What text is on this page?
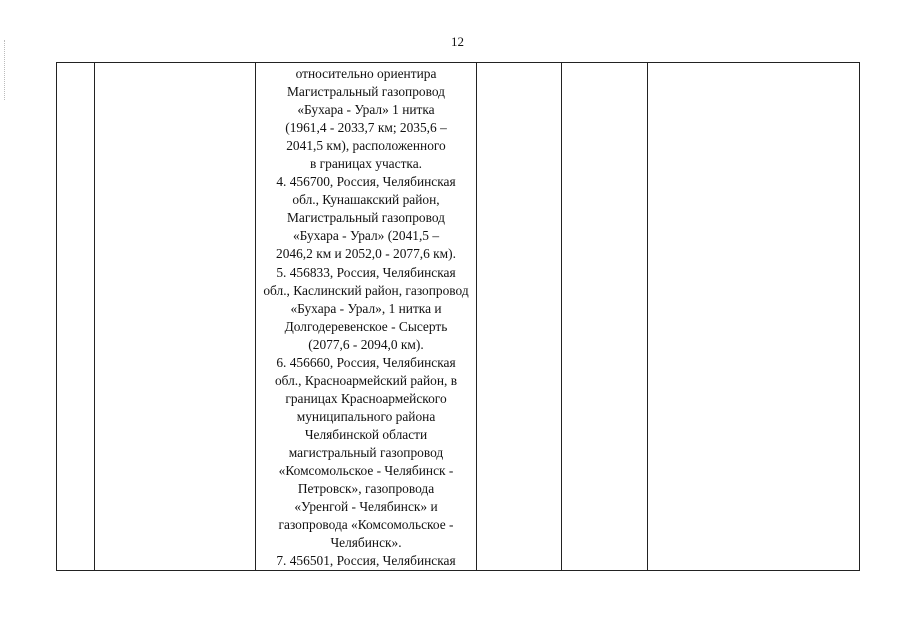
12

относительно ориентира
Магистральный газопровод
«Бухара - Урал» 1 нитка
(1961,4 - 2033,7 км; 2035,6 –
2041,5 км), расположенного
в границах участка.
4. 456700, Россия, Челябинская
обл., Кунашакский район,
Магистральный газопровод
«Бухара - Урал» (2041,5 –
2046,2 км и 2052,0 - 2077,6 км).
5. 456833, Россия, Челябинская
обл., Каслинский район, газопровод
«Бухара - Урал», 1 нитка и
Долгодеревенское - Сысерть
(2077,6 - 2094,0 км).
6. 456660, Россия, Челябинская
обл., Красноармейский район, в
границах Красноармейского
муниципального района
Челябинской области
магистральный газопровод
«Комсомольское - Челябинск -
Петровск», газопровода
«Уренгой - Челябинск» и
газопровода «Комсомольское -
Челябинск».
7. 456501, Россия, Челябинская
